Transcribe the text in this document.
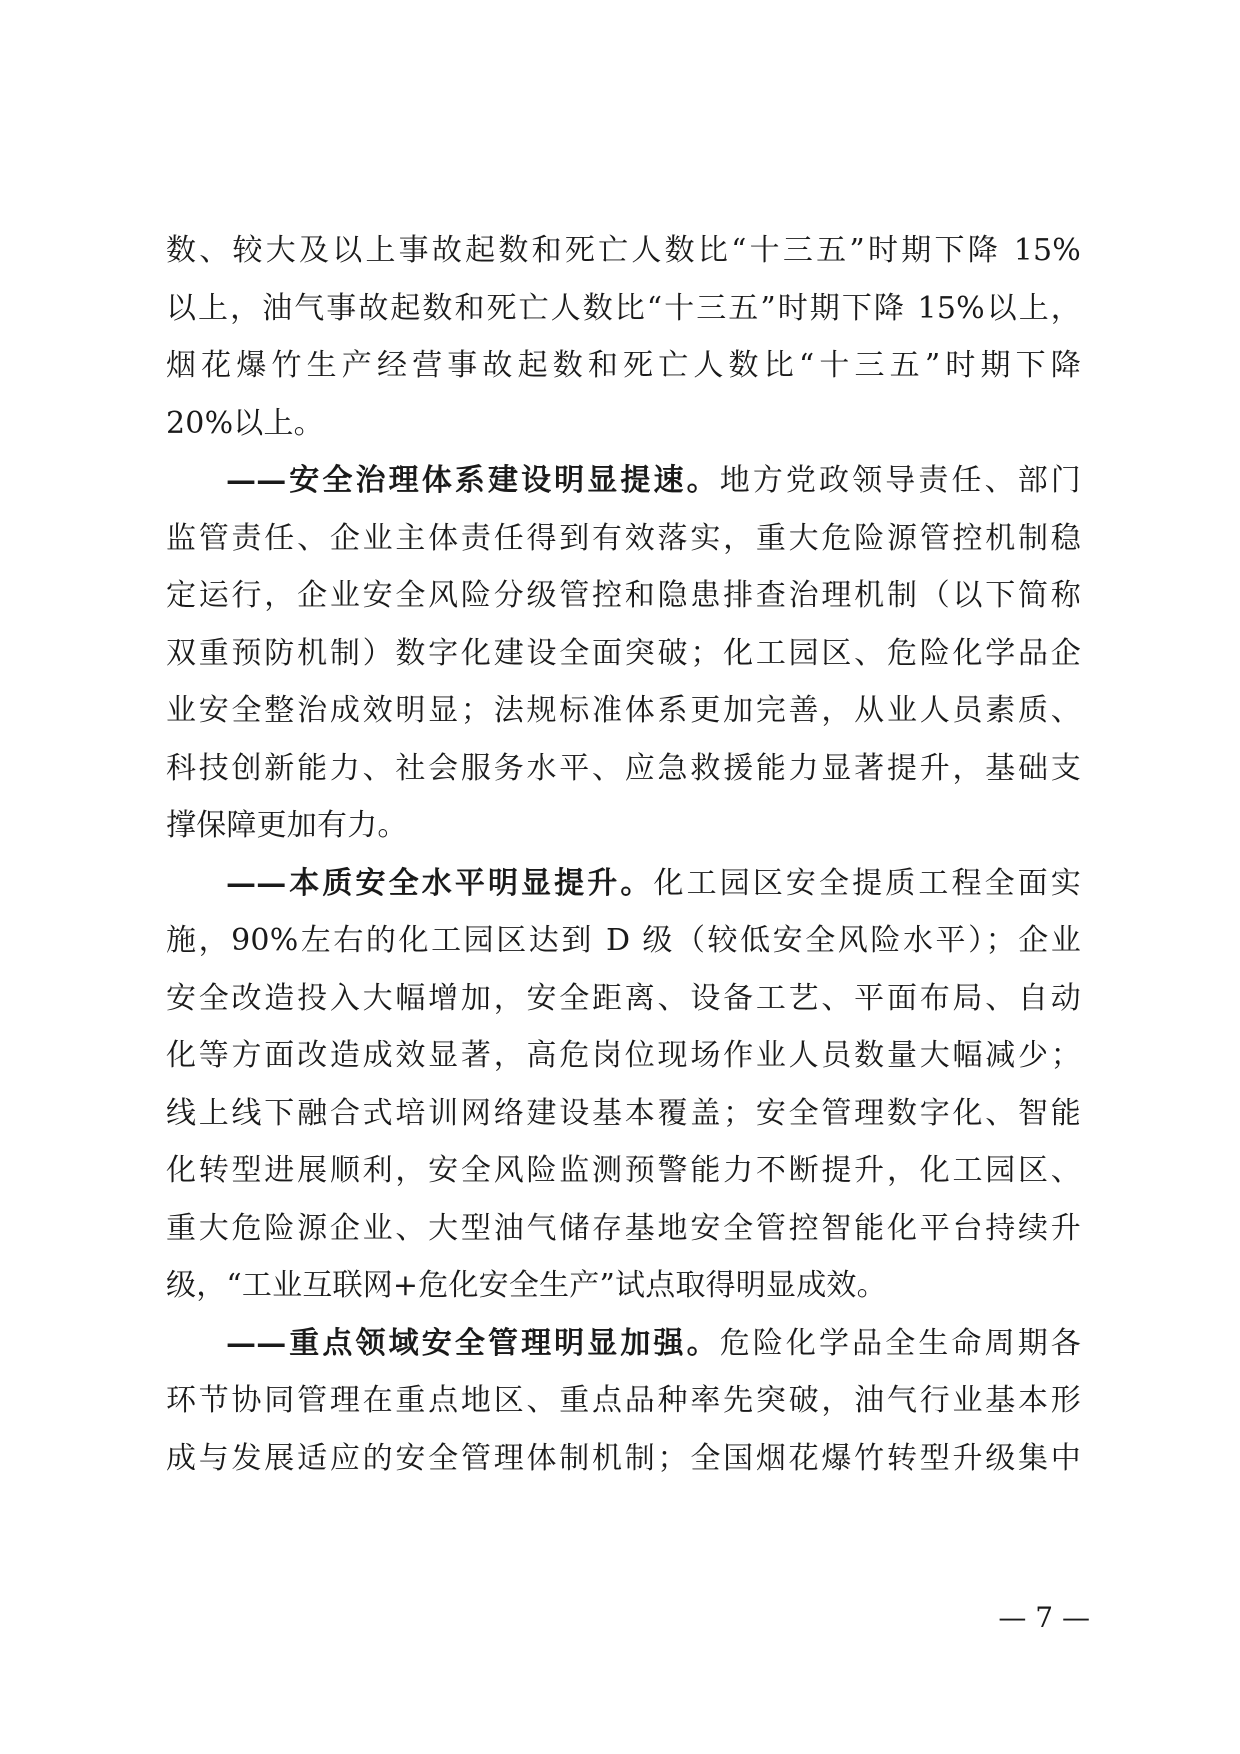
数、较大及以上事故起数和死亡人数比“十三五”时期下降 15%
以上，油气事故起数和死亡人数比“十三五”时期下降 15%以上，
烟花爆竹生产经营事故起数和死亡人数比“十三五”时期下降
20%以上。
——安全治理体系建设明显提速。地方党政领导责任、部门
监管责任、企业主体责任得到有效落实，重大危险源管控机制稳
定运行，企业安全风险分级管控和隐患排查治理机制（以下简称
双重预防机制）数字化建设全面突破；化工园区、危险化学品企
业安全整治成效明显；法规标准体系更加完善，从业人员素质、
科技创新能力、社会服务水平、应急救援能力显著提升，基础支
撑保障更加有力。
——本质安全水平明显提升。化工园区安全提质工程全面实
施，90%左右的化工园区达到 D 级（较低安全风险水平）；企业
安全改造投入大幅增加，安全距离、设备工艺、平面布局、自动
化等方面改造成效显著，高危岗位现场作业人员数量大幅减少；
线上线下融合式培训网络建设基本覆盖；安全管理数字化、智能
化转型进展顺利，安全风险监测预警能力不断提升，化工园区、
重大危险源企业、大型油气储存基地安全管控智能化平台持续升
级，“工业互联网+危化安全生产”试点取得明显成效。
——重点领域安全管理明显加强。危险化学品全生命周期各
环节协同管理在重点地区、重点品种率先突破，油气行业基本形
成与发展适应的安全管理体制机制；全国烟花爆竹转型升级集中
— 7 —
